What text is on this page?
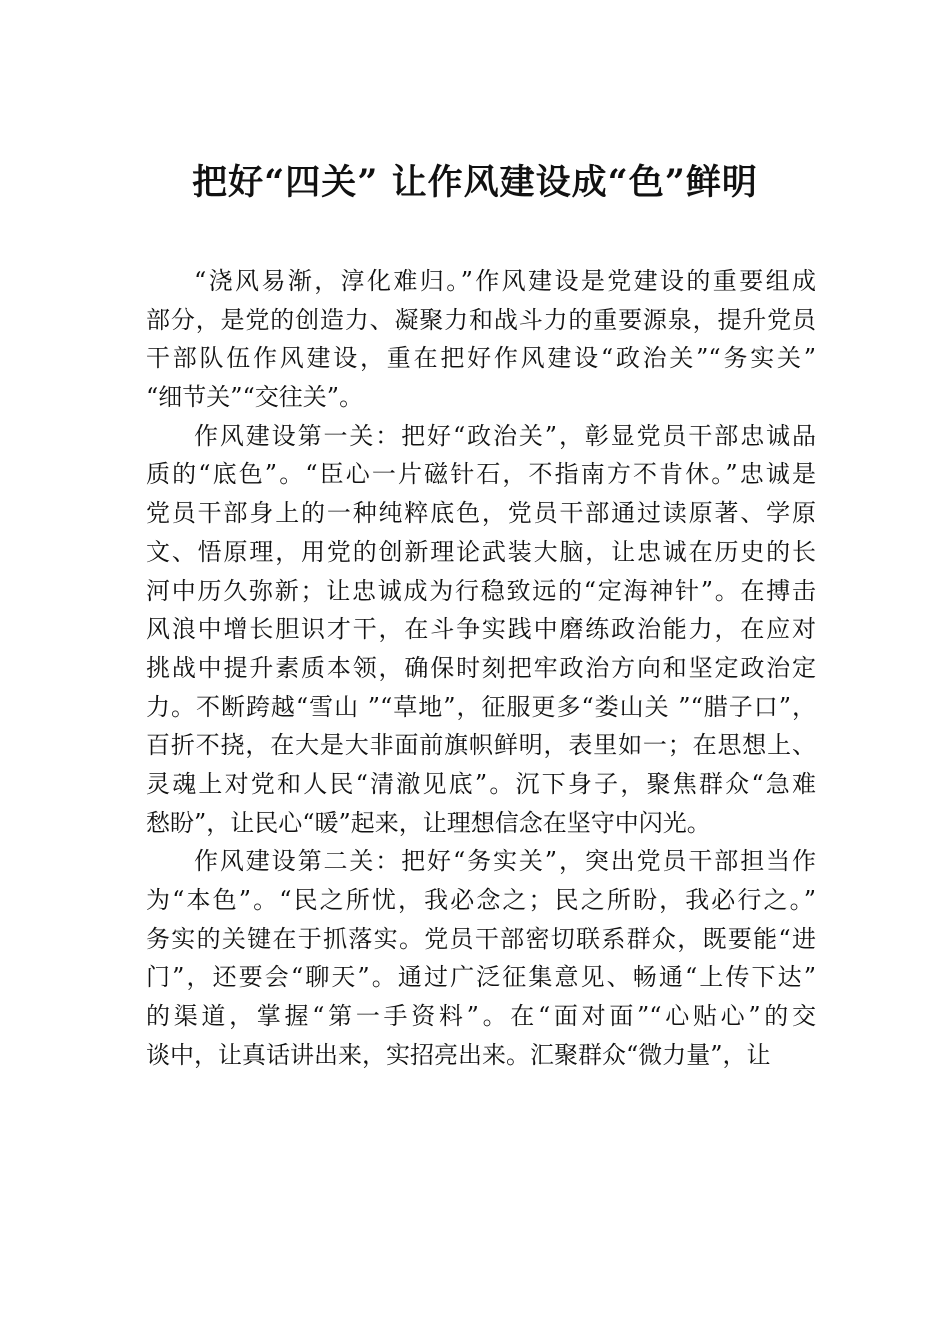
把好“四关” 让作风建设成“色”鲜明
“浇风易渐，淳化难归。”作风建设是党建设的重要组成
部分，是党的创造力、凝聚力和战斗力的重要源泉，提升党员
干部队伍作风建设，重在把好作风建设“政治关”“务实关”
“细节关”“交往关”。
作风建设第一关：把好“政治关”，彰显党员干部忠诚品
质的“底色”。“臣心一片磁针石，不指南方不肯休。”忠诚是
党员干部身上的一种纯粹底色，党员干部通过读原著、学原
文、悟原理，用党的创新理论武装大脑，让忠诚在历史的长
河中历久弥新；让忠诚成为行稳致远的“定海神针”。在搏击
风浪中增长胆识才干，在斗争实践中磨练政治能力，在应对
挑战中提升素质本领，确保时刻把牢政治方向和坚定政治定
力。不断跨越“雪山 ”“草地”，征服更多“娄山关 ”“腊子口”，
百折不挠，在大是大非面前旗帜鲜明，表里如一；在思想上、
灵魂上对党和人民“清澈见底”。沉下身子，聚焦群众“急难
愁盼”，让民心“暖”起来，让理想信念在坚守中闪光。
作风建设第二关：把好“务实关”，突出党员干部担当作
为“本色”。“民之所忧，我必念之；民之所盼，我必行之。”
务实的关键在于抓落实。党员干部密切联系群众，既要能“进
门”，还要会“聊天”。通过广泛征集意见、畅通“上传下达”
的渠道，掌握“第一手资料”。在“面对面”“心贴心”的交
谈中，让真话讲出来，实招亮出来。汇聚群众“微力量”，让
